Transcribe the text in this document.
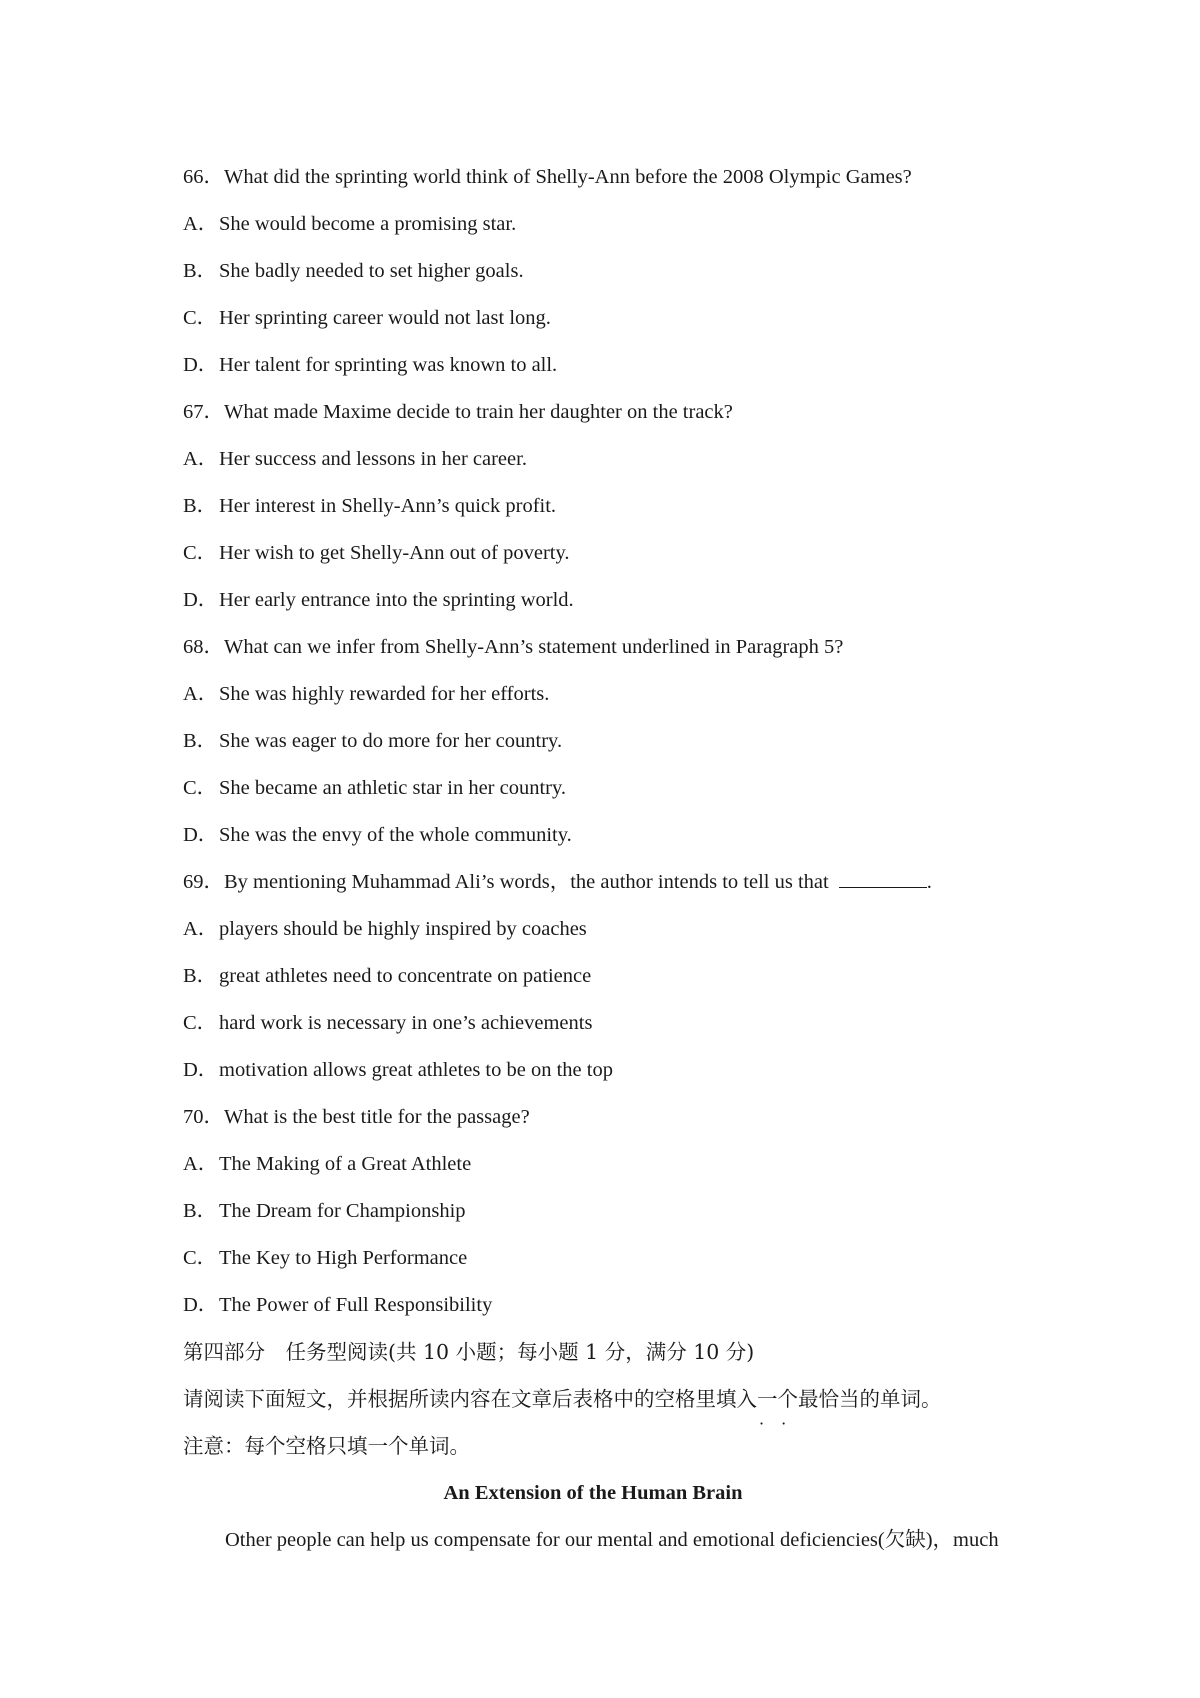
66．What did the sprinting world think of Shelly-Ann before the 2008 Olympic Games?
A．She would become a promising star.
B．She badly needed to set higher goals.
C．Her sprinting career would not last long.
D．Her talent for sprinting was known to all.
67．What made Maxime decide to train her daughter on the track?
A．Her success and lessons in her career.
B．Her interest in Shelly-Ann’s quick profit.
C．Her wish to get Shelly-Ann out of poverty.
D．Her early entrance into the sprinting world.
68．What can we infer from Shelly-Ann’s statement underlined in Paragraph 5?
A．She was highly rewarded for her efforts.
B．She was eager to do more for her country.
C．She became an athletic star in her country.
D．She was the envy of the whole community.
69．By mentioning Muhammad Ali’s words，the author intends to tell us that	.
A．players should be highly inspired by coaches
B．great athletes need to concentrate on patience
C．hard work is necessary in one’s achievements
D．motivation allows great athletes to be on the top
70．What is the best title for the passage?
A．The Making of a Great Athlete
B．The Dream for Championship
C．The Key to High Performance
D．The Power of Full Responsibility
第四部分　任务型阅读(共 10 小题；每小题 1 分，满分 10 分)
请阅读下面短文，并根据所读内容在文章后表格中的空格里填入一个 · ·最恰当的单词。
注意：每个空格只填一个单词。
An Extension of the Human Brain
Other people can help us compensate for our mental and emotional deficiencies(欠缺)，much
